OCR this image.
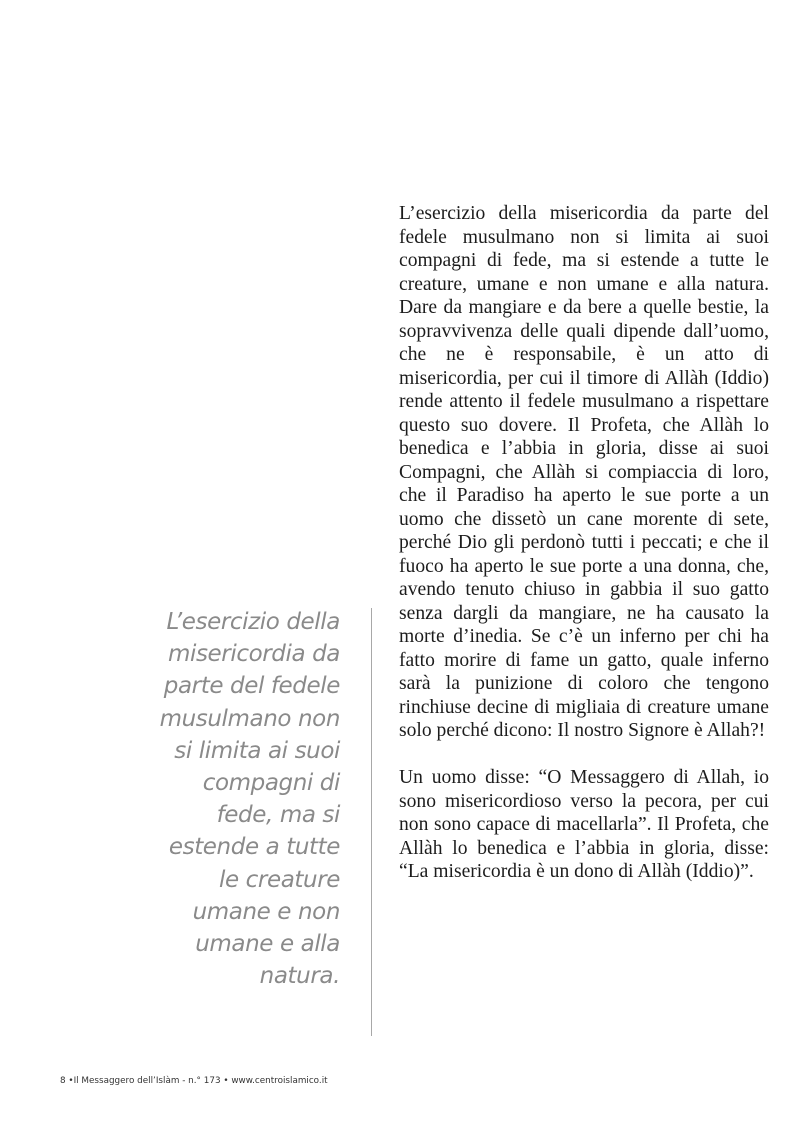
L’esercizio della misericordia da parte del fedele musulmano non si limita ai suoi compagni di fede, ma si estende a tutte le creature umane e non umane e alla natura.

L’esercizio della misericordia da parte del fedele musulmano non si limita ai suoi compagni di fede, ma si estende a tutte le creature, umane e non umane e alla natura. Dare da mangiare e da bere a quelle bestie, la sopravvivenza delle quali dipende dall’uomo, che ne è responsabile, è un atto di misericordia, per cui il timore di Allàh (Iddio) rende attento il fedele musulmano a rispettare questo suo dovere. Il Profeta, che Allàh lo benedica e l’abbia in gloria, disse ai suoi Compagni, che Allàh si compiaccia di loro, che il Paradiso ha aperto le sue porte a un uomo che dissetò un cane morente di sete, perché Dio gli perdonò tutti i peccati; e che il fuoco ha aperto le sue porte a una donna, che, avendo tenuto chiuso in gabbia il suo gatto senza dargli da mangiare, ne ha causato la morte d’inedia. Se c’è un inferno per chi ha fatto morire di fame un gatto, quale inferno sarà la punizione di coloro che tengono rinchiuse decine di migliaia di creature umane solo perché dicono: Il nostro Signore è Allah?!

Un uomo disse: “O Messaggero di Allah, io sono misericordioso verso la pecora, per cui non sono capace di macellarla”. Il Profeta, che Allàh lo benedica e l’abbia in gloria, disse: “La misericordia è un dono di Allàh (Iddio)”.

8 •Il Messaggero dell’Islàm - n.° 173 • www.centroislamico.it
